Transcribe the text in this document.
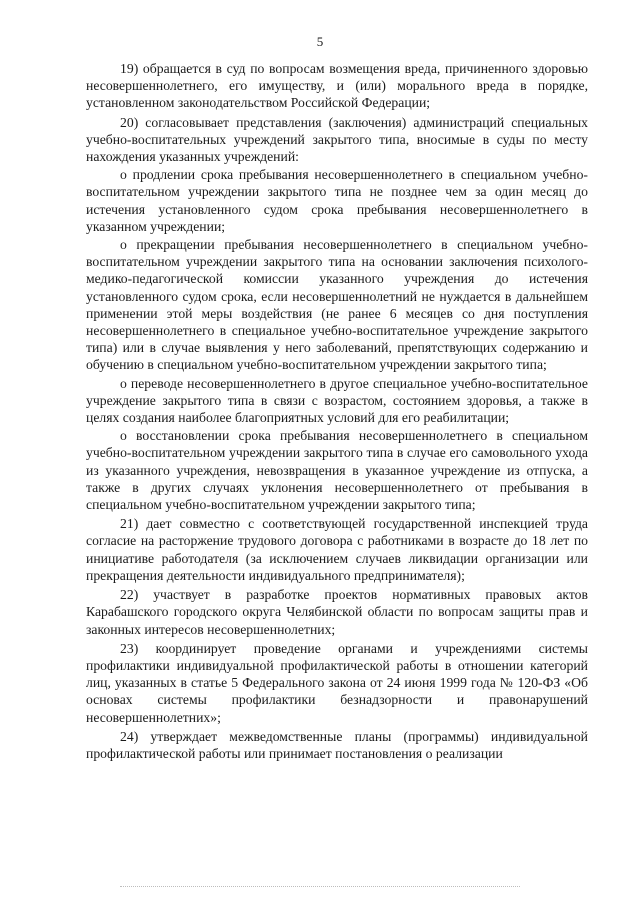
5

19) обращается в суд по вопросам возмещения вреда, причиненного здоровью несовершеннолетнего, его имуществу, и (или) морального вреда в порядке, установленном законодательством Российской Федерации;

20) согласовывает представления (заключения) администраций специальных учебно-воспитательных учреждений закрытого типа, вносимые в суды по месту нахождения указанных учреждений:

о продлении срока пребывания несовершеннолетнего в специальном учебно-воспитательном учреждении закрытого типа не позднее чем за один месяц до истечения установленного судом срока пребывания несовершеннолетнего в указанном учреждении;

о прекращении пребывания несовершеннолетнего в специальном учебно-воспитательном учреждении закрытого типа на основании заключения психолого-медико-педагогической комиссии указанного учреждения до истечения установленного судом срока, если несовершеннолетний не нуждается в дальнейшем применении этой меры воздействия (не ранее 6 месяцев со дня поступления несовершеннолетнего в специальное учебно-воспитательное учреждение закрытого типа) или в случае выявления у него заболеваний, препятствующих содержанию и обучению в специальном учебно-воспитательном учреждении закрытого типа;

о переводе несовершеннолетнего в другое специальное учебно-воспитательное учреждение закрытого типа в связи с возрастом, состоянием здоровья, а также в целях создания наиболее благоприятных условий для его реабилитации;

о восстановлении срока пребывания несовершеннолетнего в специальном учебно-воспитательном учреждении закрытого типа в случае его самовольного ухода из указанного учреждения, невозвращения в указанное учреждение из отпуска, а также в других случаях уклонения несовершеннолетнего от пребывания в специальном учебно-воспитательном учреждении закрытого типа;

21) дает совместно с соответствующей государственной инспекцией труда согласие на расторжение трудового договора с работниками в возрасте до 18 лет по инициативе работодателя (за исключением случаев ликвидации организации или прекращения деятельности индивидуального предпринимателя);

22) участвует в разработке проектов нормативных правовых актов Карабашского городского округа Челябинской области по вопросам защиты прав и законных интересов несовершеннолетних;

23) координирует проведение органами и учреждениями системы профилактики индивидуальной профилактической работы в отношении категорий лиц, указанных в статье 5 Федерального закона от 24 июня 1999 года № 120-ФЗ «Об основах системы профилактики безнадзорности и правонарушений несовершеннолетних»;

24) утверждает межведомственные планы (программы) индивидуальной профилактической работы или принимает постановления о реализации
